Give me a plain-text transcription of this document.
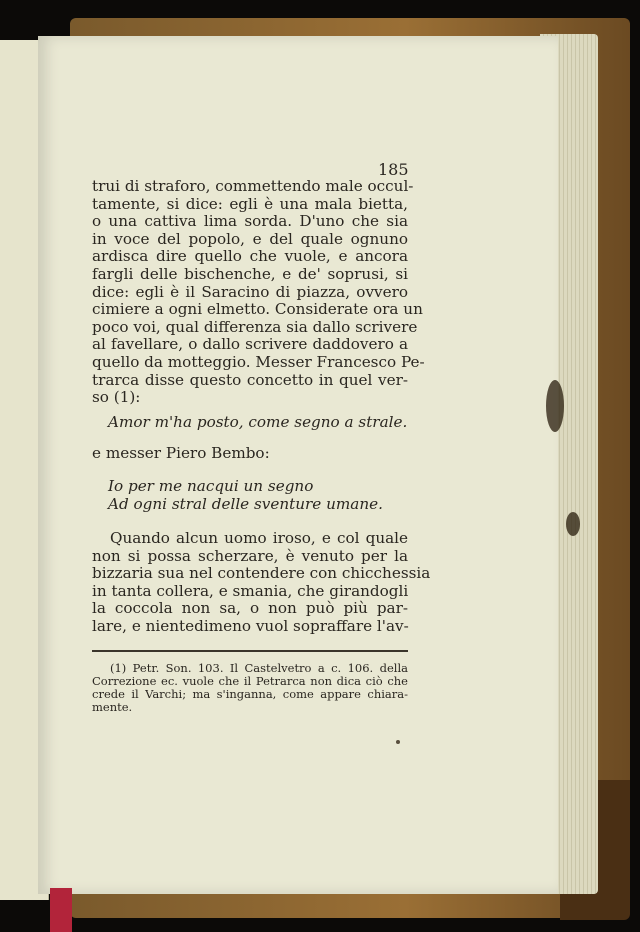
185
trui di straforo, commettendo male occul-
tamente, si dice: egli è una mala bietta,
o una cattiva lima sorda. D'uno che sia
in voce del popolo, e del quale ognuno
ardisca dire quello che vuole, e ancora
fargli delle bischenche, e de' soprusi, si
dice: egli è il Saracino di piazza, ovvero
cimiere a ogni elmetto. Considerate ora un
poco voi, qual differenza sia dallo scrivere
al favellare, o dallo scrivere daddovero a
quello da motteggio. Messer Francesco Pe-
trarca disse questo concetto in quel ver-
so (1):
Amor m'ha posto, come segno a strale.
e messer Piero Bembo:
Io per me nacqui un segno
Ad ogni stral delle sventure umane.
Quando alcun uomo iroso, e col quale
non si possa scherzare, è venuto per la
bizzaria sua nel contendere con chicchessia
in tanta collera, e smania, che girandogli
la coccola non sa, o non può più par-
lare, e nientedimeno vuol sopraffare l'av-
(1) Petr. Son. 103. Il Castelvetro a c. 106. della
Correzione ec. vuole che il Petrarca non dica ciò che
crede il Varchi; ma s'inganna, come appare chiara-
mente.
